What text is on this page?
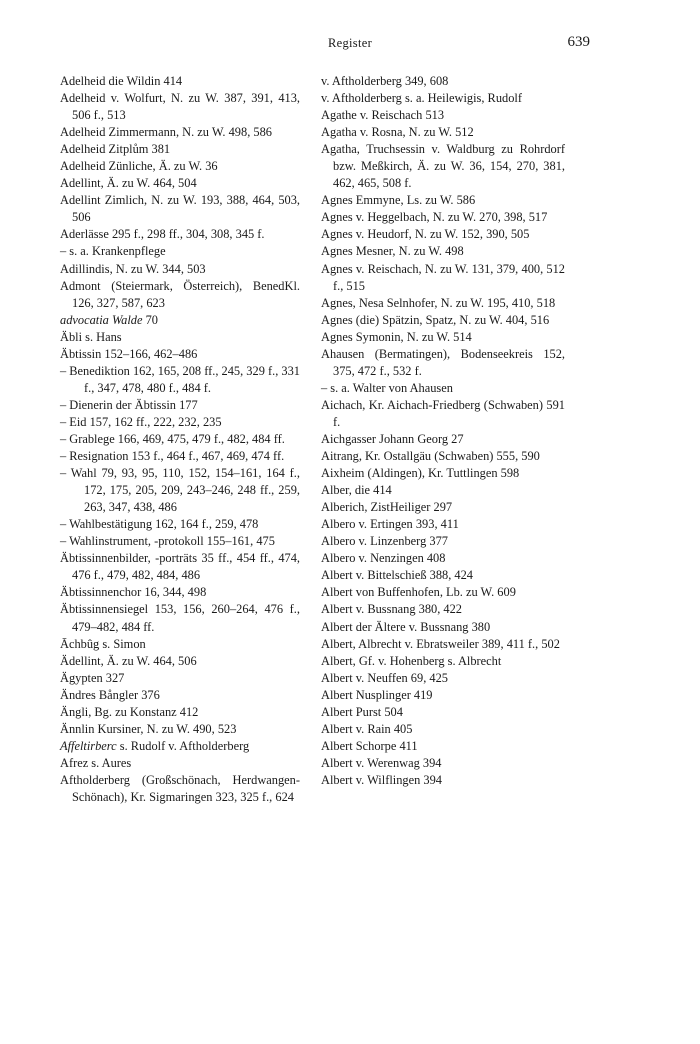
Register	639

Adelheid die Wildin 414

Adelheid v. Wolfurt, N. zu W. 387, 391, 413, 506 f., 513

Adelheid Zimmermann, N. zu W. 498, 586

Adelheid Zitplům 381

Adelheid Zünliche, Ä. zu W. 36

Adellint, Ä. zu W. 464, 504

Adellint Zimlich, N. zu W. 193, 388, 464, 503, 506

Aderlässe 295 f., 298 ff., 304, 308, 345 f.

– s. a. Krankenpflege

Adillindis, N. zu W. 344, 503

Admont (Steiermark, Österreich), BenedKl. 126, 327, 587, 623

advocatia Walde 70

Äbli s. Hans

Äbtissin 152–166, 462–486

– Benediktion 162, 165, 208 ff., 245, 329 f., 331 f., 347, 478, 480 f., 484 f.

– Dienerin der Äbtissin 177

– Eid 157, 162 ff., 222, 232, 235

– Grablege 166, 469, 475, 479 f., 482, 484 ff.

– Resignation 153 f., 464 f., 467, 469, 474 ff.

– Wahl 79, 93, 95, 110, 152, 154–161, 164 f., 172, 175, 205, 209, 243–246, 248 ff., 259, 263, 347, 438, 486

– Wahlbestätigung 162, 164 f., 259, 478

– Wahlinstrument, -protokoll 155–161, 475

Äbtissinnenbilder, -porträts 35 ff., 454 ff., 474, 476 f., 479, 482, 484, 486

Äbtissinnenchor 16, 344, 498

Äbtissinnensiegel 153, 156, 260–264, 476 f., 479–482, 484 ff.

Āchbûg s. Simon

Ädellint, Ä. zu W. 464, 506

Ägypten 327

Ändres Bångler 376

Ängli, Bg. zu Konstanz 412

Ännlin Kursiner, N. zu W. 490, 523

Affeltirberc s. Rudolf v. Aftholderberg

Afrez s. Aures

Aftholderberg (Großschönach, Herdwangen-Schönach), Kr. Sigmaringen 323, 325 f., 624

v. Aftholderberg 349, 608

v. Aftholderberg s. a. Heilewigis, Rudolf

Agathe v. Reischach 513

Agatha v. Rosna, N. zu W. 512

Agatha, Truchsessin v. Waldburg zu Rohrdorf bzw. Meßkirch, Ä. zu W. 36, 154, 270, 381, 462, 465, 508 f.

Agnes Emmyne, Ls. zu W. 586

Agnes v. Heggelbach, N. zu W. 270, 398, 517

Agnes v. Heudorf, N. zu W. 152, 390, 505

Agnes Mesner, N. zu W. 498

Agnes v. Reischach, N. zu W. 131, 379, 400, 512 f., 515

Agnes, Nesa Selnhofer, N. zu W. 195, 410, 518

Agnes (die) Spätzin, Spatz, N. zu W. 404, 516

Agnes Symonin, N. zu W. 514

Ahausen (Bermatingen), Bodenseekreis 152, 375, 472 f., 532 f.

– s. a. Walter von Ahausen

Aichach, Kr. Aichach-Friedberg (Schwaben) 591 f.

Aichgasser Johann Georg 27

Aitrang, Kr. Ostallgäu (Schwaben) 555, 590

Aixheim (Aldingen), Kr. Tuttlingen 598

Alber, die 414

Alberich, ZistHeiliger 297

Albero v. Ertingen 393, 411

Albero v. Linzenberg 377

Albero v. Nenzingen 408

Albert v. Bittelschieß 388, 424

Albert von Buffenhofen, Lb. zu W. 609

Albert v. Bussnang 380, 422

Albert der Ältere v. Bussnang 380

Albert, Albrecht v. Ebratsweiler 389, 411 f., 502

Albert, Gf. v. Hohenberg s. Albrecht

Albert v. Neuffen 69, 425

Albert Nusplinger 419

Albert Purst 504

Albert v. Rain 405

Albert Schorpe 411

Albert v. Werenwag 394

Albert v. Wilflingen 394
